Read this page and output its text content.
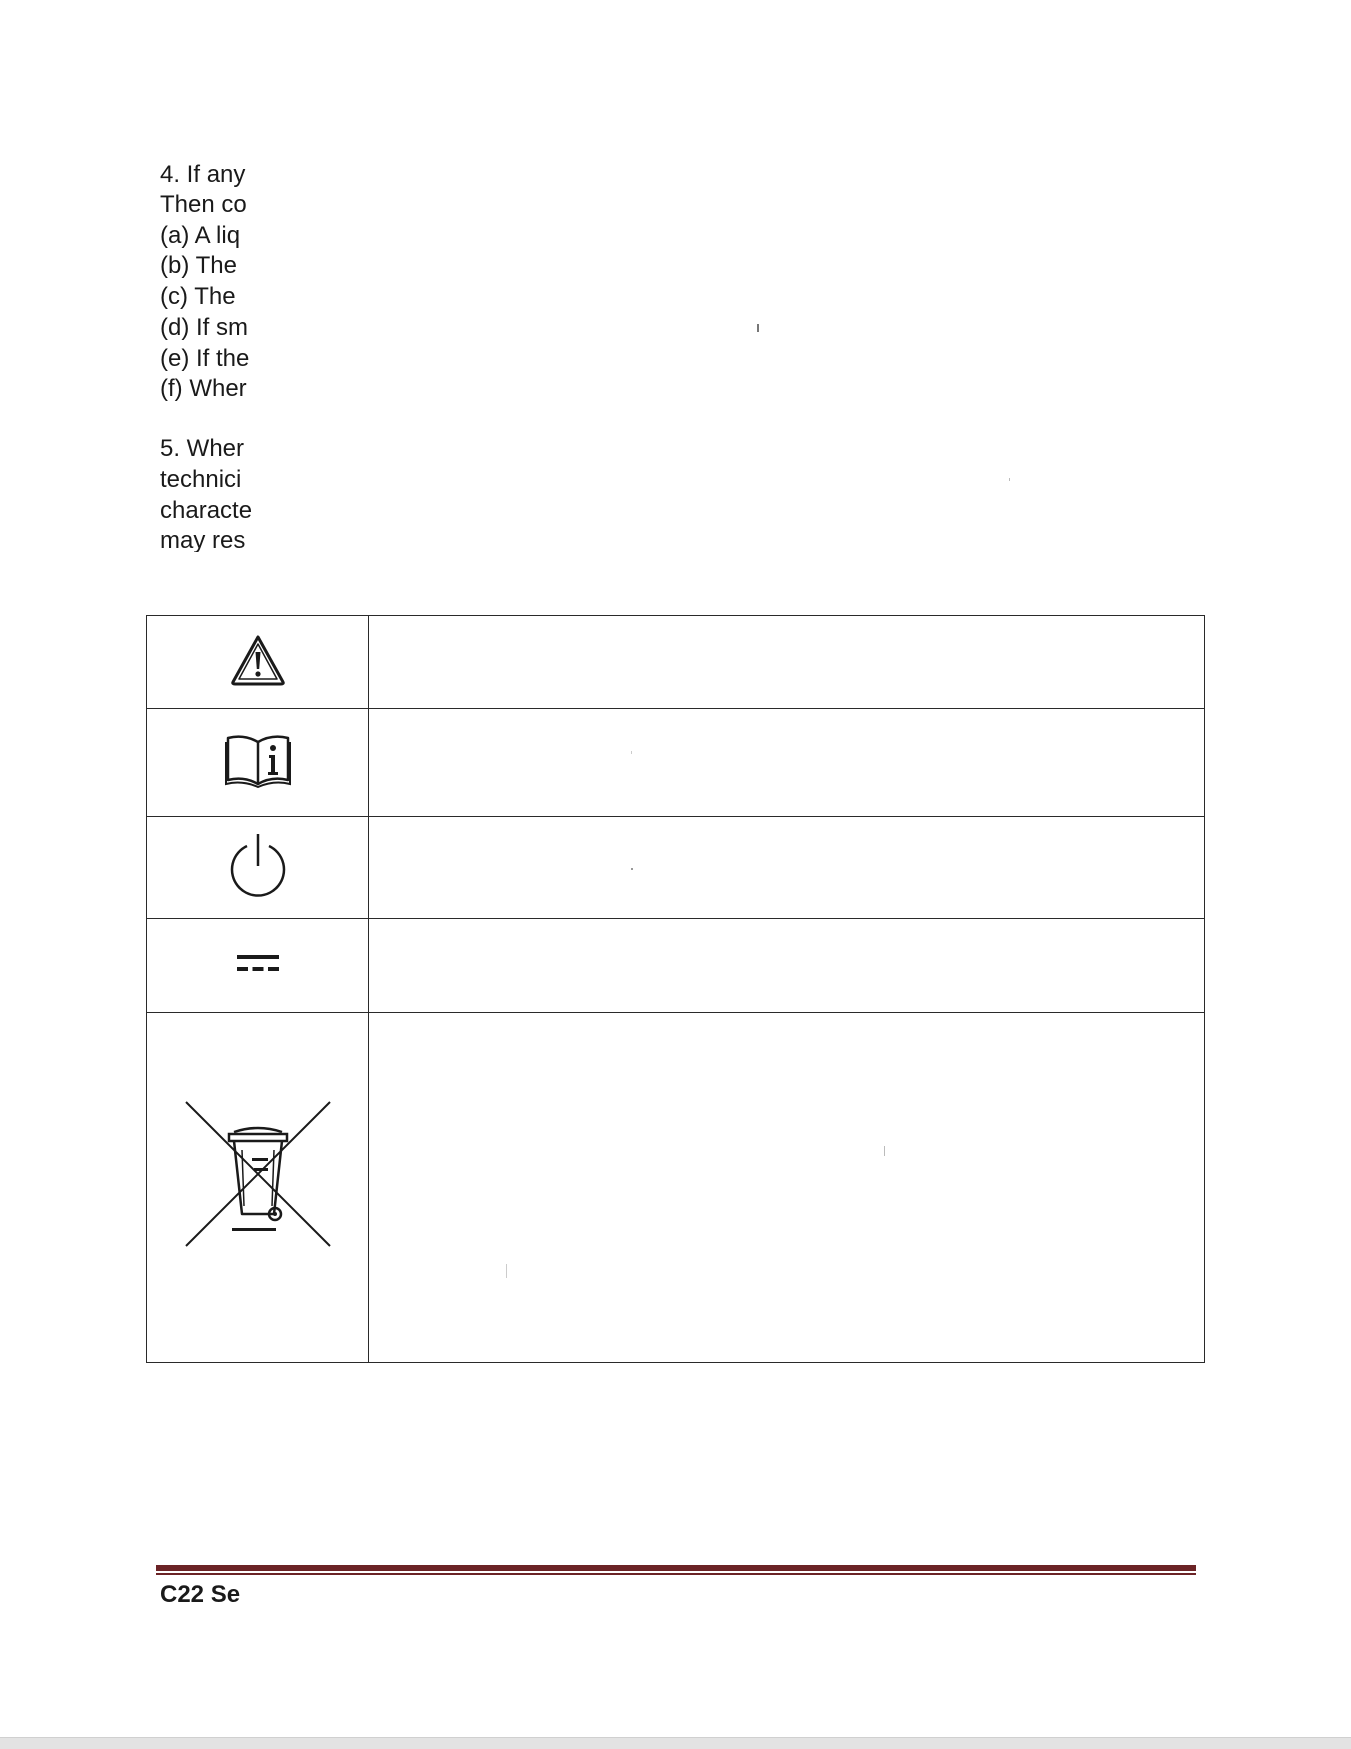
4. If any
Then co
(a) A liq
(b) The
(c) The
(d) If sm
(e) If the
(f) Wher
5. Wher
technici
characte
may res
C22 Se
